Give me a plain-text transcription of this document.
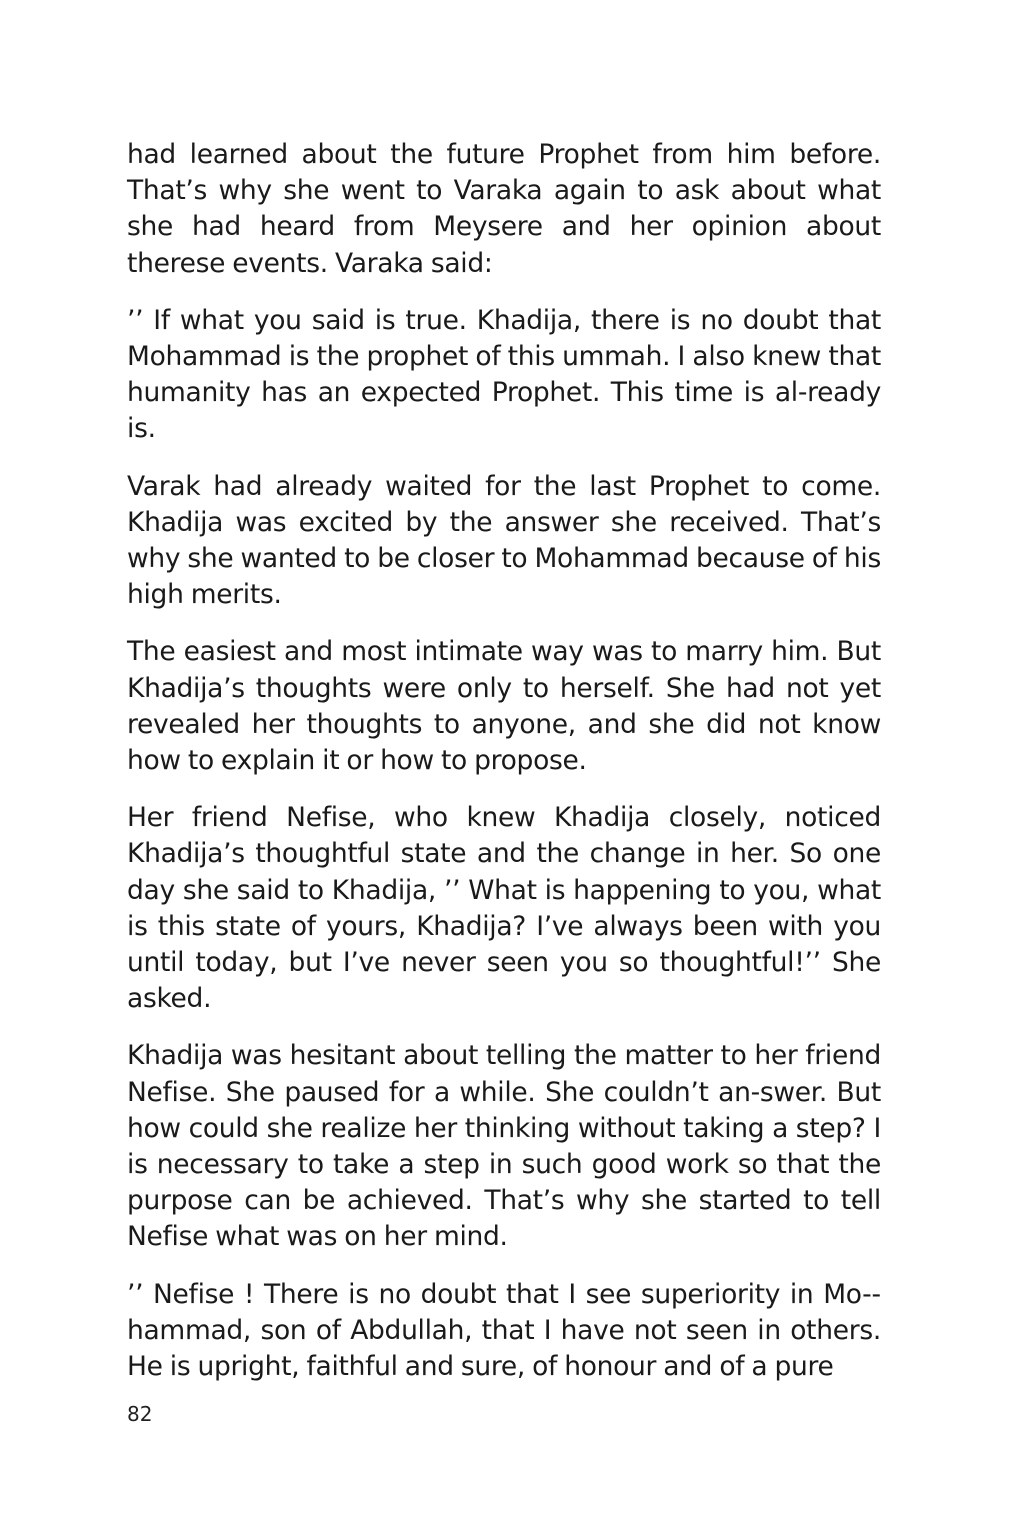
had learned about the future Prophet from him before. That’s why she went to Varaka again to ask about what she had heard from Meysere and her opinion about therese events. Varaka said:

’’ If what you said is true. Khadija, there is no doubt that Mohammad is the prophet of this ummah. I also knew that humanity has an expected Prophet. This time is al-ready is.

Varak had already waited for the last Prophet to come. Khadija was excited by the answer she received. That’s why she wanted to be closer to Mohammad because of his high merits.

The easiest and most intimate way was to marry him. But Khadija’s thoughts were only to herself. She had not yet revealed her thoughts to anyone, and she did not know how to explain it or how to propose.

Her friend Nefise, who knew Khadija closely, noticed Khadija’s thoughtful state and the change in her. So one day she said to Khadija, ’’ What is happening to you, what is this state of yours, Khadija? I’ve always been with you until today, but I’ve never seen you so thoughtful!’’ She asked.

Khadija was hesitant about telling the matter to her friend Nefise. She paused for a while. She couldn’t an-swer. But how could she realize her thinking without taking a step? I is necessary to take a step in such good work so that the purpose can be achieved. That’s why she started to tell Nefise what was on her mind.

’’ Nefise ! There is no doubt that I see superiority in Mo-hammad, son of Abdullah, that I have not seen in others. He is upright, faithful and sure, of honour and of a pure

82
